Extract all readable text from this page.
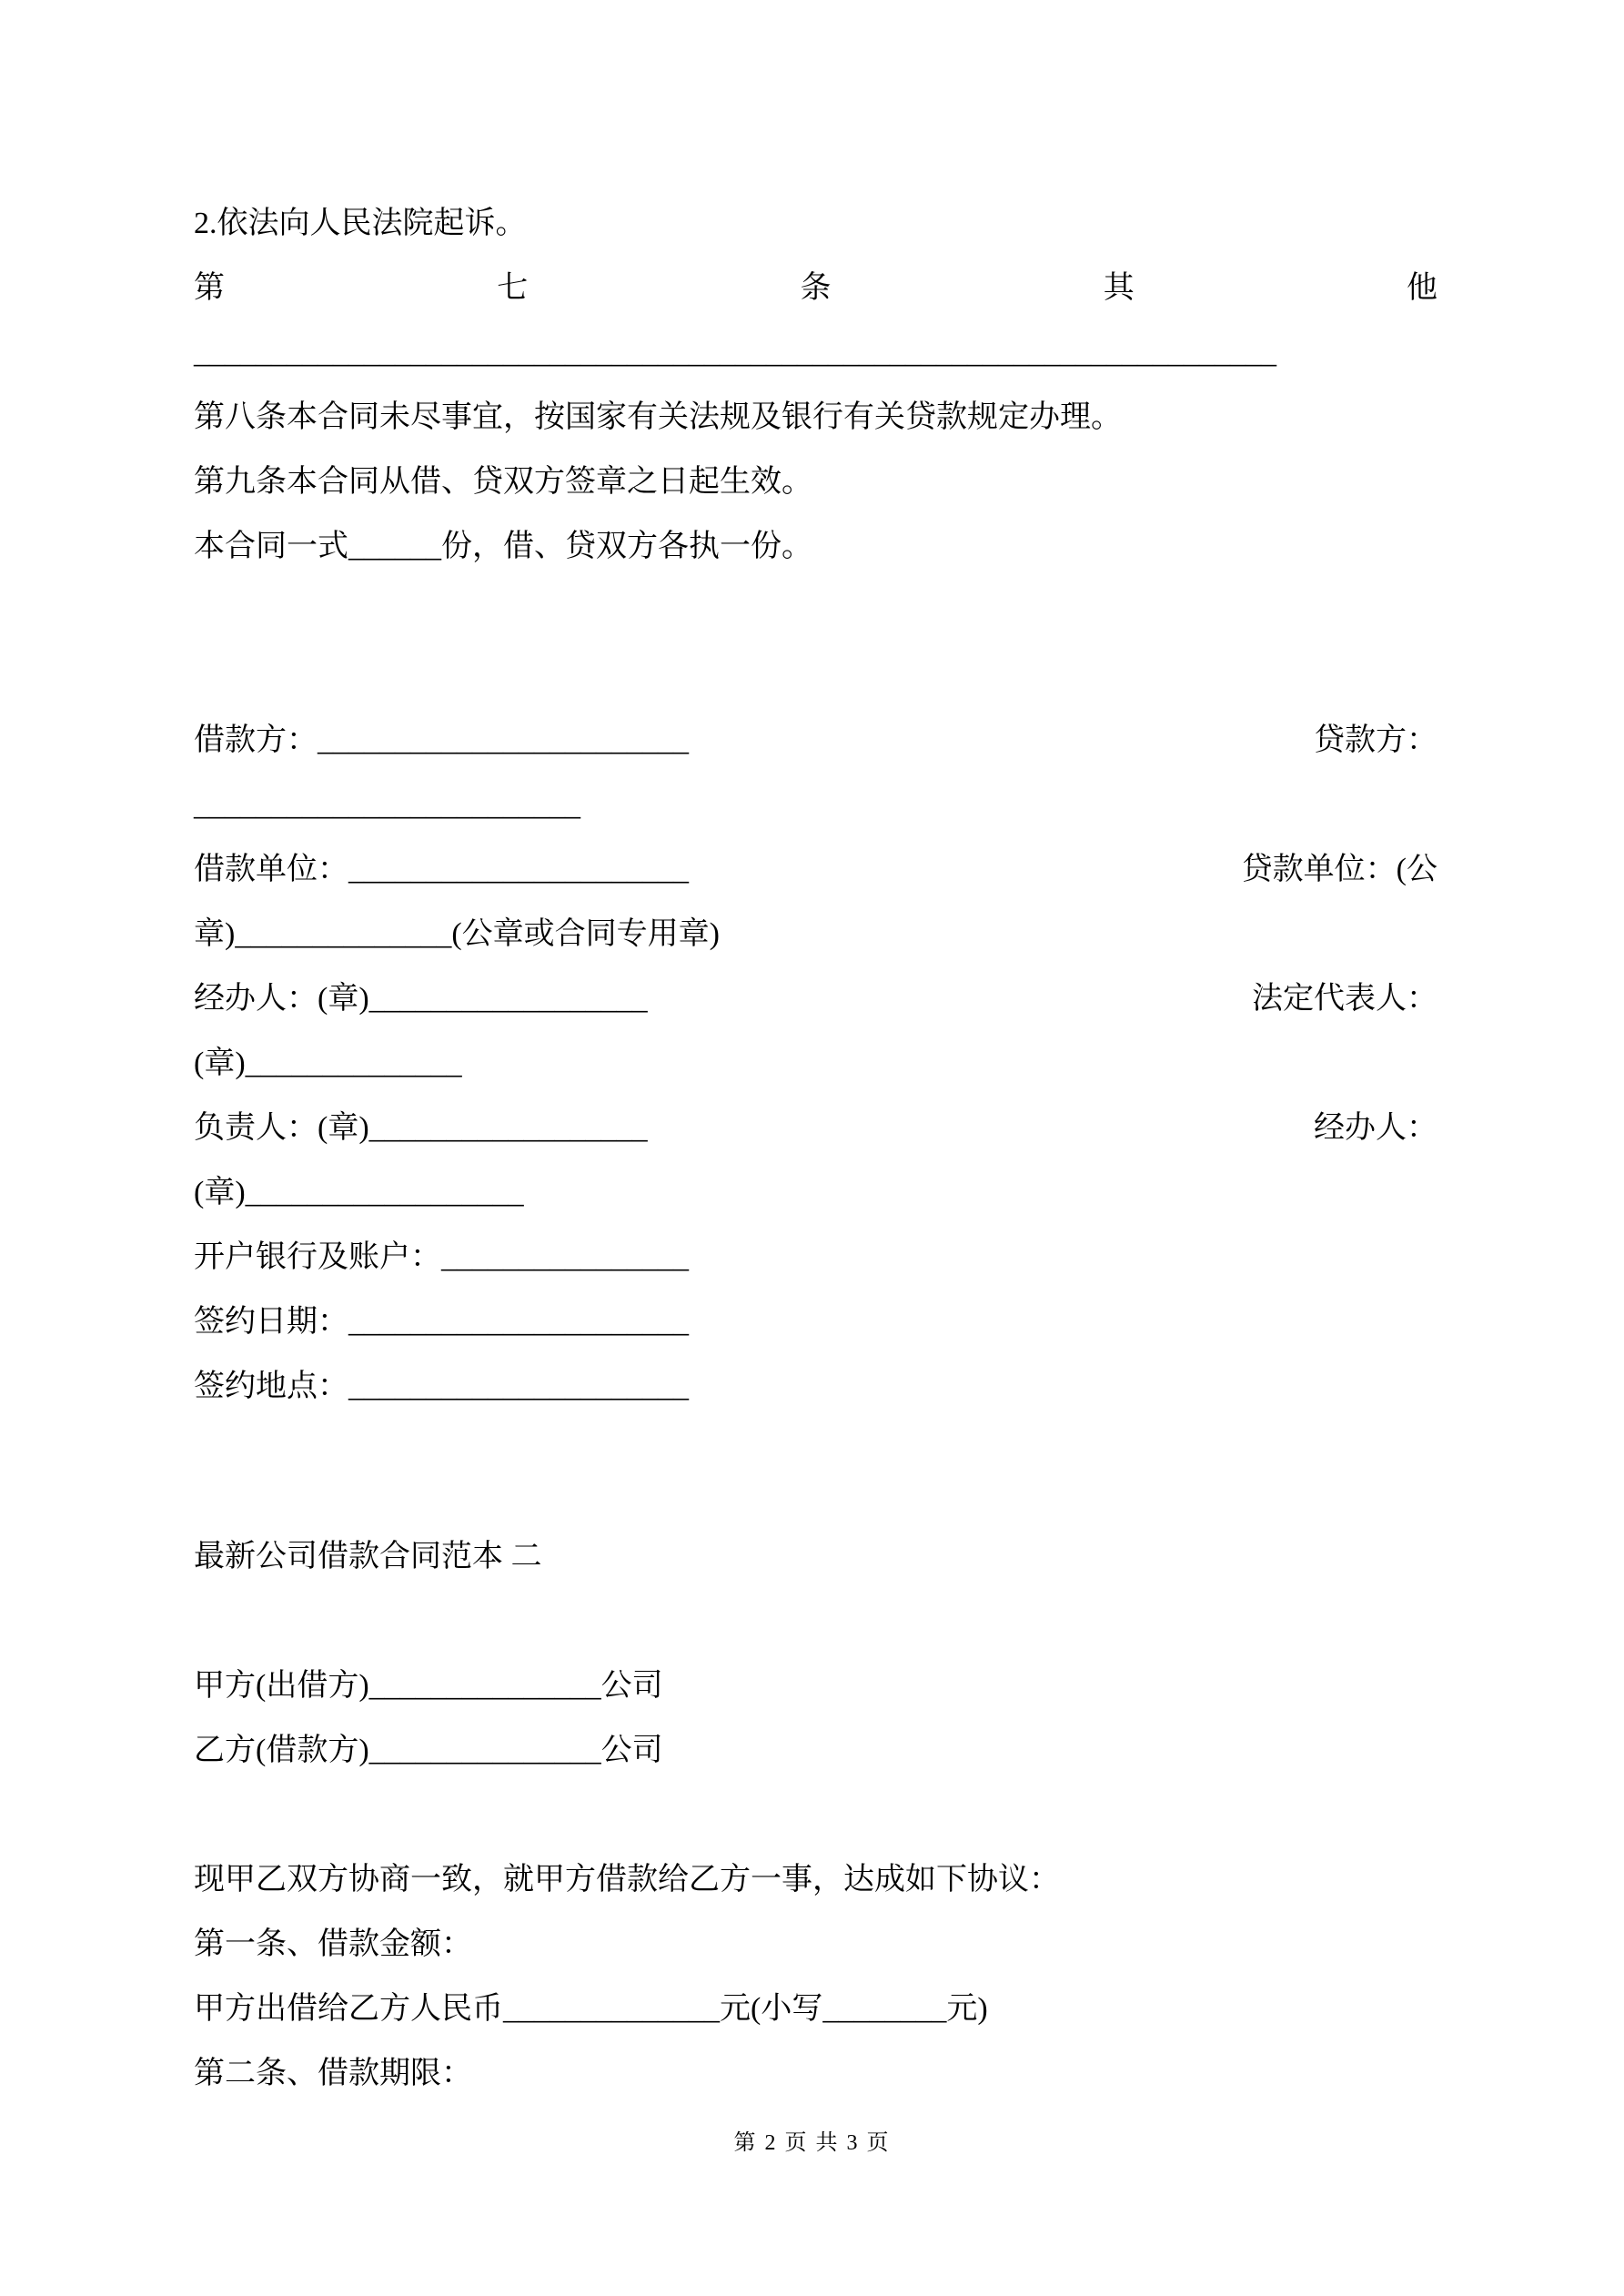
2.依法向人民法院起诉。

第	七	条	其	他

______________________________________________________________________

第八条本合同未尽事宜，按国家有关法规及银行有关贷款规定办理。

第九条本合同从借、贷双方签章之日起生效。

本合同一式______份，借、贷双方各执一份。

借款方：________________________	贷款方：

_________________________

借款单位：______________________	贷款单位：(公

章)______________(公章或合同专用章)

经办人：(章)__________________	法定代表人：

(章)______________

负责人：(章)__________________	经办人：

(章)__________________

开户银行及账户：________________

签约日期：______________________

签约地点：______________________

最新公司借款合同范本 二

甲方(出借方)_______________公司

乙方(借款方)_______________公司

现甲乙双方协商一致，就甲方借款给乙方一事，达成如下协议：

第一条、借款金额：

甲方出借给乙方人民币______________元(小写________元)

第二条、借款期限：

第 2 页 共 3 页
